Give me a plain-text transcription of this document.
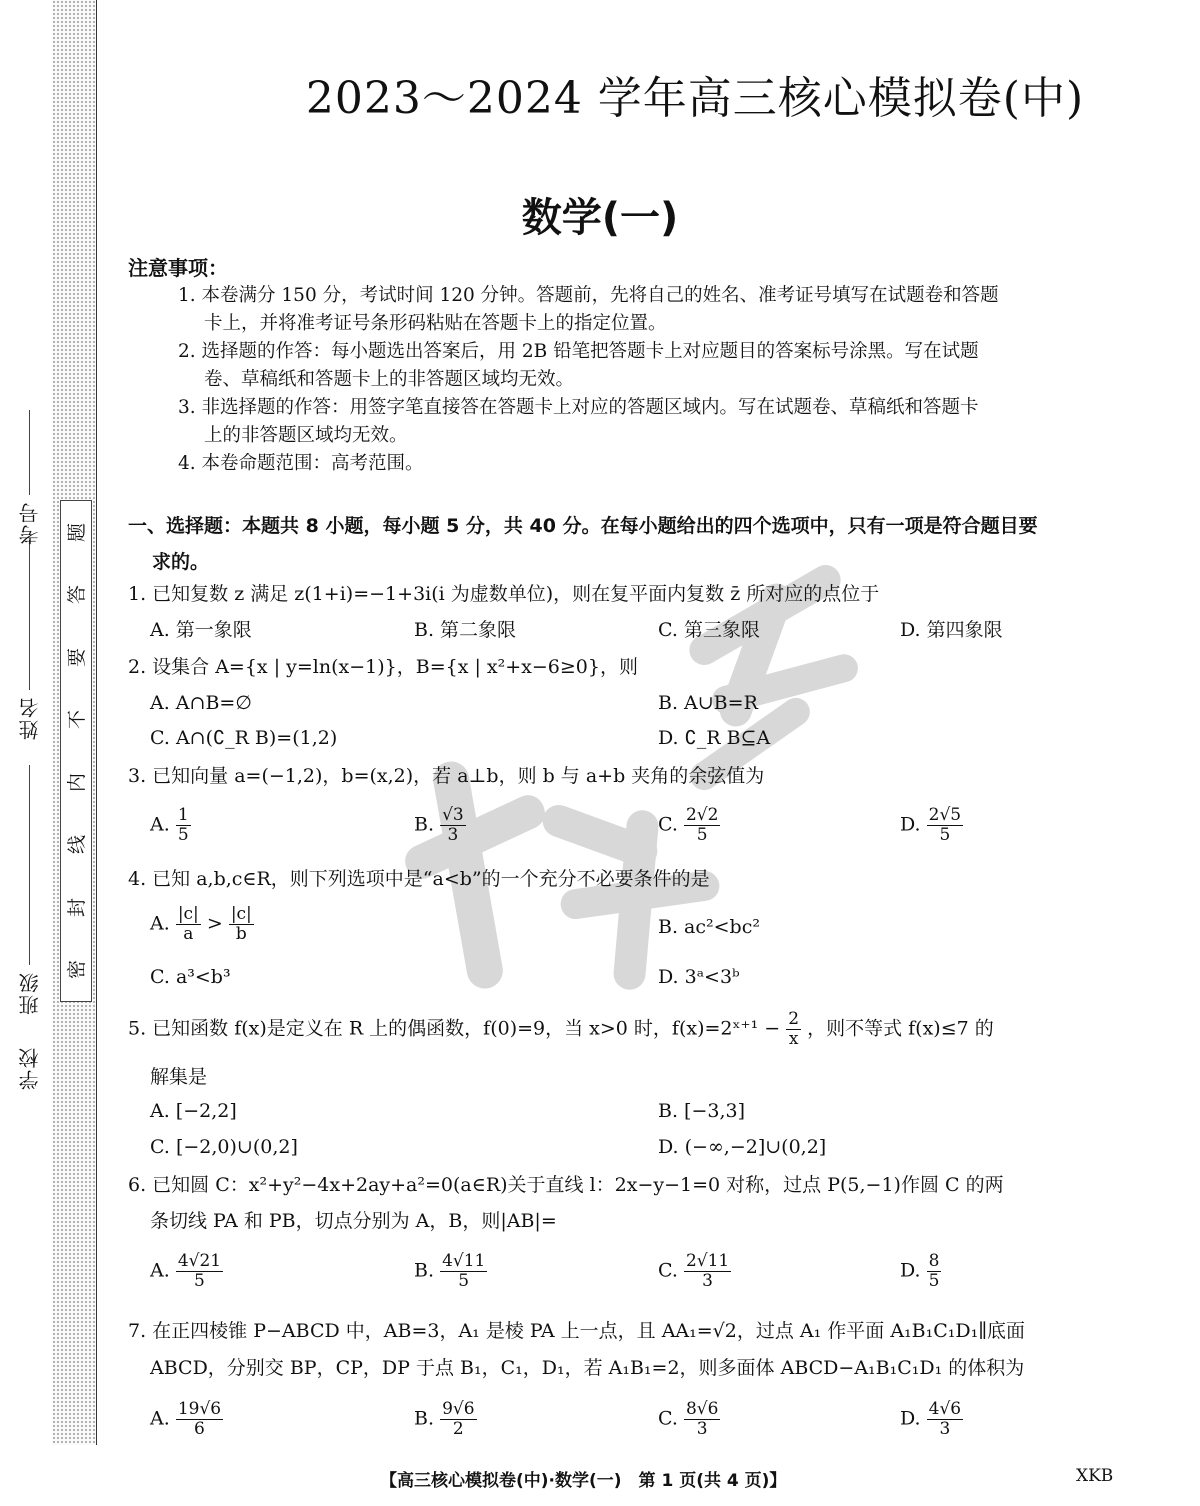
学校
班级
姓名
考号 题
答
要
不
内
线
封
密
2023～2024 学年高三核心模拟卷(中)
数学(一)
注意事项：
1. 本卷满分 150 分，考试时间 120 分钟。答题前，先将自己的姓名、准考证号填写在试题卷和答题
卡上，并将准考证号条形码粘贴在答题卡上的指定位置。
2. 选择题的作答：每小题选出答案后，用 2B 铅笔把答题卡上对应题目的答案标号涂黑。写在试题
卷、草稿纸和答题卡上的非答题区域均无效。
3. 非选择题的作答：用签字笔直接答在答题卡上对应的答题区域内。写在试题卷、草稿纸和答题卡
上的非答题区域均无效。
4. 本卷命题范围：高考范围。
一、选择题：本题共 8 小题，每小题 5 分，共 40 分。在每小题给出的四个选项中，只有一项是符合题目要
求的。
1. 已知复数 z 满足 z(1+i)=−1+3i(i 为虚数单位)，则在复平面内复数 z̄ 所对应的点位于
A. 第一象限	B. 第二象限	C. 第三象限	D. 第四象限
2. 设集合 A={x | y=ln(x−1)}，B={x | x²+x−6≥0}，则
A. A∩B=∅	B. A∪B=R
C. A∩(∁_R B)=(1,2)	D. ∁_R B⊆A
3. 已知向量 a=(−1,2)，b=(x,2)，若 a⊥b，则 b 与 a+b 夹角的余弦值为
A. $\frac{1}{5}$	B. $\frac{√3}{3}$	C. $\frac{2√2}{5}$	D. $\frac{2√5}{5}$
4. 已知 a,b,c∈R，则下列选项中是“a<b”的一个充分不必要条件的是
A. $\frac{|c|}{a} > \frac{|c|}{b}$	B. ac²<bc²
C. a³<b³	D. 3ᵃ<3ᵇ
5. 已知函数 f(x)是定义在 R 上的偶函数，f(0)=9，当 x>0 时，f(x)=2ˣ⁺¹ − $\frac{2}{x}$ ，则不等式 f(x)≤7 的
解集是
A. [−2,2]	B. [−3,3]
C. [−2,0)∪(0,2]	D. (−∞,−2]∪(0,2]
6. 已知圆 C：x²+y²−4x+2ay+a²=0(a∈R)关于直线 l：2x−y−1=0 对称，过点 P(5,−1)作圆 C 的两
条切线 PA 和 PB，切点分别为 A，B，则|AB|=
A. $\frac{4√21}{5}$	B. $\frac{4√11}{5}$	C. $\frac{2√11}{3}$	D. $\frac{8}{5}$
7. 在正四棱锥 P−ABCD 中，AB=3，A₁ 是棱 PA 上一点，且 AA₁=√2，过点 A₁ 作平面 A₁B₁C₁D₁∥底面
ABCD，分别交 BP，CP，DP 于点 B₁，C₁，D₁，若 A₁B₁=2，则多面体 ABCD−A₁B₁C₁D₁ 的体积为
A. $\frac{19√6}{6}$	B. $\frac{9√6}{2}$	C. $\frac{8√6}{3}$	D. $\frac{4√6}{3}$
【高三核心模拟卷(中)·数学(一)　第 1 页(共 4 页)】	XKB
